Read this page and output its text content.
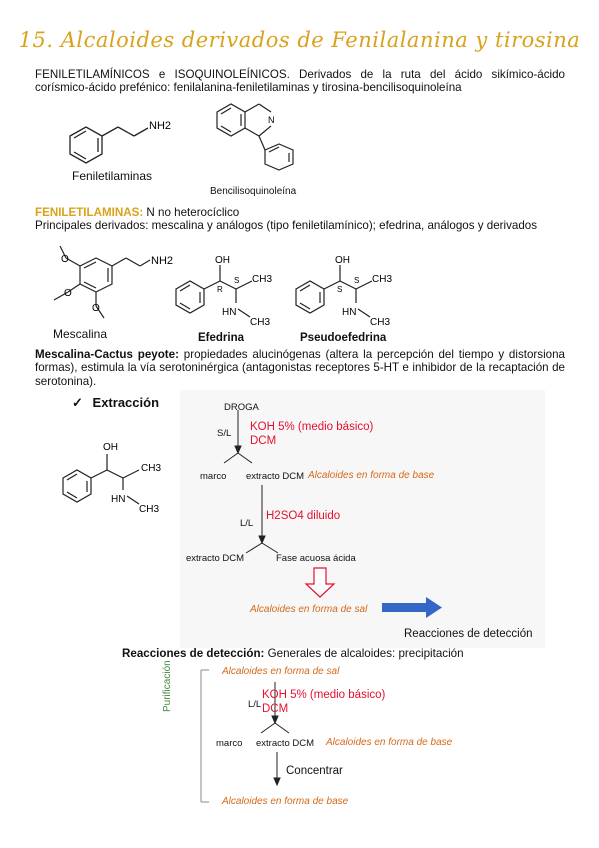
15. Alcaloides derivados de Fenilalanina y tirosina
FENILETILAMÍNICOS e ISOQUINOLEÍNICOS. Derivados de la ruta del ácido sikímico-ácido corísmico-ácido prefénico: fenilalanina-feniletilaminas y tirosina-bencilisoquinoleína
NH2
Feniletilaminas
N
Bencilisoquinoleína
FENILETILAMINAS: N no heterocíclico
Principales derivados: mescalina y análogos (tipo feniletilamínico); efedrina, análogos y derivados
O
O
O
NH2
Mescalina
OH
CH3
HN
CH3
R
S
Efedrina
OH
CH3
HN
CH3
S
S
Pseudoefedrina
Mescalina-Cactus peyote: propiedades alucinógenas (altera la percepción del tiempo y distorsiona formas), estimula la vía serotoninérgica (antagonistas receptores 5-HT e inhibidor de la recaptación de serotonina).
✓ Extracción
OH
CH3
HN
CH3
DROGA
S/L
KOH 5% (medio básico)
DCM
marco extracto DCM Alcaloides en forma de base
L/L
H2SO4 diluido
extracto DCM	Fase acuosa ácida
Alcaloides en forma de sal
Reacciones de detección
Reacciones de detección: Generales de alcaloides: precipitación
Purificación	Alcaloides en forma de sal
L/L
KOH 5% (medio básico)
DCM
marco extracto DCM Alcaloides en forma de base
Concentrar
Alcaloides en forma de base
